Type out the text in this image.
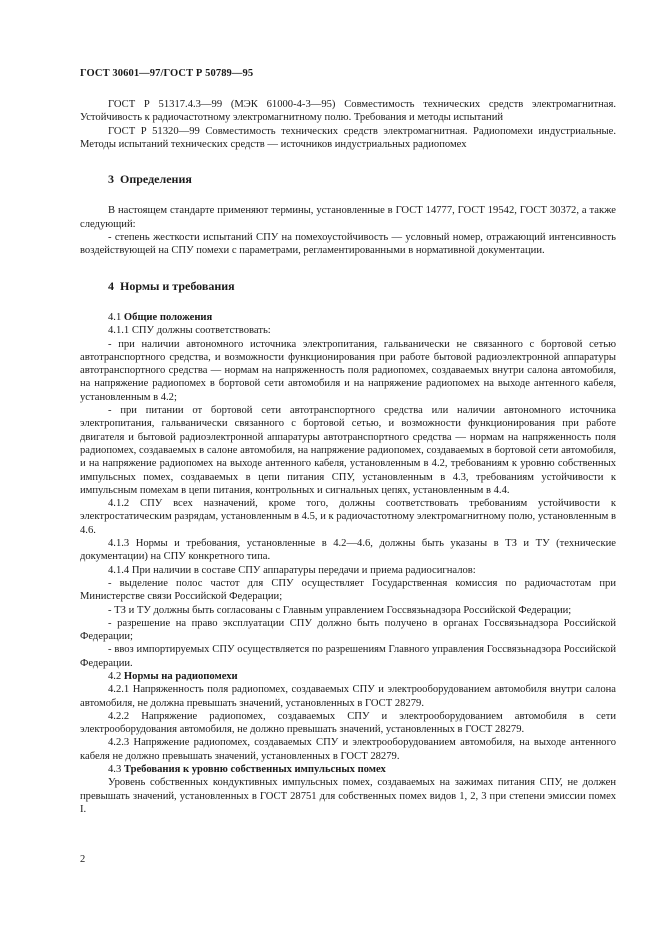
ГОСТ 30601—97/ГОСТ Р 50789—95

ГОСТ Р 51317.4.3—99 (МЭК 61000-4-3—95) Совместимость технических средств электромагнитная. Устойчивость к радиочастотному электромагнитному полю. Требования и методы испытаний

ГОСТ Р 51320—99 Совместимость технических средств электромагнитная. Радиопомехи индустриальные. Методы испытаний технических средств — источников индустриальных радиопомех

3 Определения

В настоящем стандарте применяют термины, установленные в ГОСТ 14777, ГОСТ 19542, ГОСТ 30372, а также следующий:

- степень жесткости испытаний СПУ на помехоустойчивость — условный номер, отражающий интенсивность воздействующей на СПУ помехи с параметрами, регламентированными в нормативной документации.

4 Нормы и требования

4.1 Общие положения

4.1.1 СПУ должны соответствовать:

- при наличии автономного источника электропитания, гальванически не связанного с бортовой сетью автотранспортного средства, и возможности функционирования при работе бытовой радиоэлектронной аппаратуры автотранспортного средства — нормам на напряженность поля радиопомех, создаваемых внутри салона автомобиля, на напряжение радиопомех в бортовой сети автомобиля и на напряжение радиопомех на выходе антенного кабеля, установленным в 4.2;

- при питании от бортовой сети автотранспортного средства или наличии автономного источника электропитания, гальванически связанного с бортовой сетью, и возможности функционирования при работе двигателя и бытовой радиоэлектронной аппаратуры автотранспортного средства — нормам на напряженность поля радиопомех, создаваемых в салоне автомобиля, на напряжение радиопомех, создаваемых в бортовой сети автомобиля, и на напряжение радиопомех на выходе антенного кабеля, установленным в 4.2, требованиям к уровню собственных импульсных помех, создаваемых в цепи питания СПУ, установленным в 4.3, требованиям устойчивости к импульсным помехам в цепи питания, контрольных и сигнальных цепях, установленным в 4.4.

4.1.2 СПУ всех назначений, кроме того, должны соответствовать требованиям устойчивости к электростатическим разрядам, установленным в 4.5, и к радиочастотному электромагнитному полю, установленным в 4.6.

4.1.3 Нормы и требования, установленные в 4.2—4.6, должны быть указаны в ТЗ и ТУ (технические документации) на СПУ конкретного типа.

4.1.4 При наличии в составе СПУ аппаратуры передачи и приема радиосигналов:

- выделение полос частот для СПУ осуществляет Государственная комиссия по радиочастотам при Министерстве связи Российской Федерации;

- ТЗ и ТУ должны быть согласованы с Главным управлением Госсвязьнадзора Российской Федерации;

- разрешение на право эксплуатации СПУ должно быть получено в органах Госсвязьнадзора Российской Федерации;

- ввоз импортируемых СПУ осуществляется по разрешениям Главного управления Госсвязьнадзора Российской Федерации.

4.2 Нормы на радиопомехи

4.2.1 Напряженность поля радиопомех, создаваемых СПУ и электрооборудованием автомобиля внутри салона автомобиля, не должна превышать значений, установленных в ГОСТ 28279.

4.2.2 Напряжение радиопомех, создаваемых СПУ и электрооборудованием автомобиля в сети электрооборудования автомобиля, не должно превышать значений, установленных в ГОСТ 28279.

4.2.3 Напряжение радиопомех, создаваемых СПУ и электрооборудованием автомобиля, на выходе антенного кабеля не должно превышать значений, установленных в ГОСТ 28279.

4.3 Требования к уровню собственных импульсных помех

Уровень собственных кондуктивных импульсных помех, создаваемых на зажимах питания СПУ, не должен превышать значений, установленных в ГОСТ 28751 для собственных помех видов 1, 2, 3 при степени эмиссии помех I.

2
